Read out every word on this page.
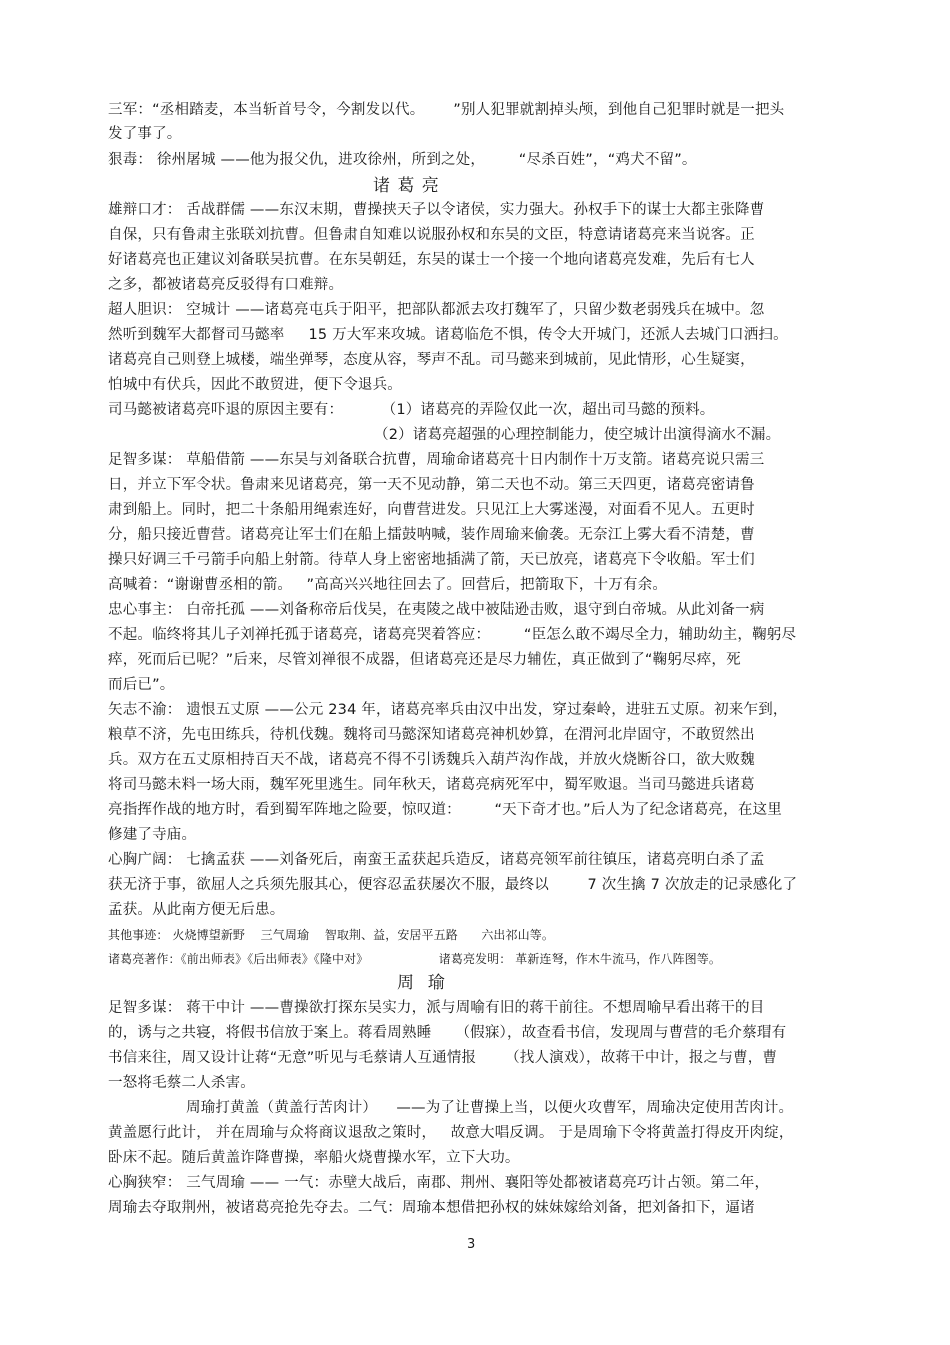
三军：“丞相踏麦，本当斩首号令，今割发以代。      ”别人犯罪就割掉头颅，到他自己犯罪时就是一把头
发了事了。
狠毒： 徐州屠城 ——他为报父仇，进攻徐州，所到之处，       “尽杀百姓”，“鸡犬不留”。
诸 葛 亮
雄辩口才： 舌战群儒 ——东汉末期，曹操挟天子以令诸侯，实力强大。孙权手下的谋士大都主张降曹
自保，只有鲁肃主张联刘抗曹。但鲁肃自知难以说服孙权和东吴的文臣，特意请诸葛亮来当说客。正
好诸葛亮也正建议刘备联吴抗曹。在东吴朝廷，东吴的谋士一个接一个地向诸葛亮发难，先后有七人
之多，都被诸葛亮反驳得有口难辩。
超人胆识： 空城计 ——诸葛亮屯兵于阳平，把部队都派去攻打魏军了，只留少数老弱残兵在城中。忽
然听到魏军大都督司马懿率     15 万大军来攻城。诸葛临危不惧，传令大开城门，还派人去城门口洒扫。
诸葛亮自己则登上城楼，端坐弹琴，态度从容，琴声不乱。司马懿来到城前，见此情形，心生疑窦，
怕城中有伏兵，因此不敢贸进，便下令退兵。
司马懿被诸葛亮吓退的原因主要有：        （1）诸葛亮的弄险仅此一次，超出司马懿的预料。
（2）诸葛亮超强的心理控制能力，使空城计出演得滴水不漏。
足智多谋： 草船借箭 ——东吴与刘备联合抗曹，周瑜命诸葛亮十日内制作十万支箭。诸葛亮说只需三
日，并立下军令状。鲁肃来见诸葛亮，第一天不见动静，第二天也不动。第三天四更，诸葛亮密请鲁
肃到船上。同时，把二十条船用绳索连好，向曹营进发。只见江上大雾迷漫，对面看不见人。五更时
分，船只接近曹营。诸葛亮让军士们在船上擂鼓呐喊，装作周瑜来偷袭。无奈江上雾大看不清楚，曹
操只好调三千弓箭手向船上射箭。待草人身上密密地插满了箭，天已放亮，诸葛亮下令收船。军士们
高喊着：“谢谢曹丞相的箭。   ”高高兴兴地往回去了。回营后，把箭取下，十万有余。
忠心事主： 白帝托孤 ——刘备称帝后伐吴，在夷陵之战中被陆逊击败，退守到白帝城。从此刘备一病
不起。临终将其儿子刘禅托孤于诸葛亮，诸葛亮哭着答应：       “臣怎么敢不竭尽全力，辅助幼主，鞠躬尽
瘁，死而后已呢？”后来，尽管刘禅很不成器，但诸葛亮还是尽力辅佐，真正做到了“鞠躬尽瘁，死
而后已”。
矢志不渝： 遗恨五丈原 ——公元 234 年，诸葛亮率兵由汉中出发，穿过秦岭，进驻五丈原。初来乍到，
粮草不济，先屯田练兵，待机伐魏。魏将司马懿深知诸葛亮神机妙算，在渭河北岸固守，不敢贸然出
兵。双方在五丈原相持百天不战，诸葛亮不得不引诱魏兵入葫芦沟作战，并放火烧断谷口，欲大败魏
将司马懿未料一场大雨，魏军死里逃生。同年秋天，诸葛亮病死军中，蜀军败退。当司马懿进兵诸葛
亮指挥作战的地方时，看到蜀军阵地之险要，惊叹道：       “天下奇才也。”后人为了纪念诸葛亮，在这里
修建了寺庙。
心胸广阔： 七擒孟获 ——刘备死后，南蛮王孟获起兵造反，诸葛亮领军前往镇压，诸葛亮明白杀了孟
获无济于事，欲屈人之兵须先服其心，便容忍孟获屡次不服，最终以        7 次生擒 7 次放走的记录感化了
孟获。从此南方便无后患。
其他事迹： 火烧博望新野    三气周瑜    智取荆、益，安居平五路      六出祁山等。
诸葛亮著作：《前出师表》《后出师表》《隆中对》                  诸葛亮发明： 革新连弩，作木牛流马，作八阵图等。
周  瑜
足智多谋： 蒋干中计 ——曹操欲打探东吴实力，派与周喻有旧的蒋干前往。不想周喻早看出蒋干的目
的，诱与之共寝，将假书信放于案上。蒋看周熟睡     （假寐），故查看书信，发现周与曹营的毛介蔡瑁有
书信来往，周又设计让蒋“无意”听见与毛蔡请人互通情报      （找人演戏），故蒋干中计，报之与曹，曹
一怒将毛蔡二人杀害。
周瑜打黄盖（黄盖行苦肉计）    ——为了让曹操上当，以便火攻曹军，周瑜决定使用苦肉计。
黄盖愿行此计， 并在周瑜与众将商议退敌之策时，   故意大唱反调。 于是周瑜下令将黄盖打得皮开肉绽，
卧床不起。随后黄盖诈降曹操，率船火烧曹操水军，立下大功。
心胸狭窄： 三气周瑜 —— 一气：赤壁大战后，南郡、荆州、襄阳等处都被诸葛亮巧计占领。第二年，
周瑜去夺取荆州，被诸葛亮抢先夺去。二气：周瑜本想借把孙权的妹妹嫁给刘备，把刘备扣下，逼诸
3
